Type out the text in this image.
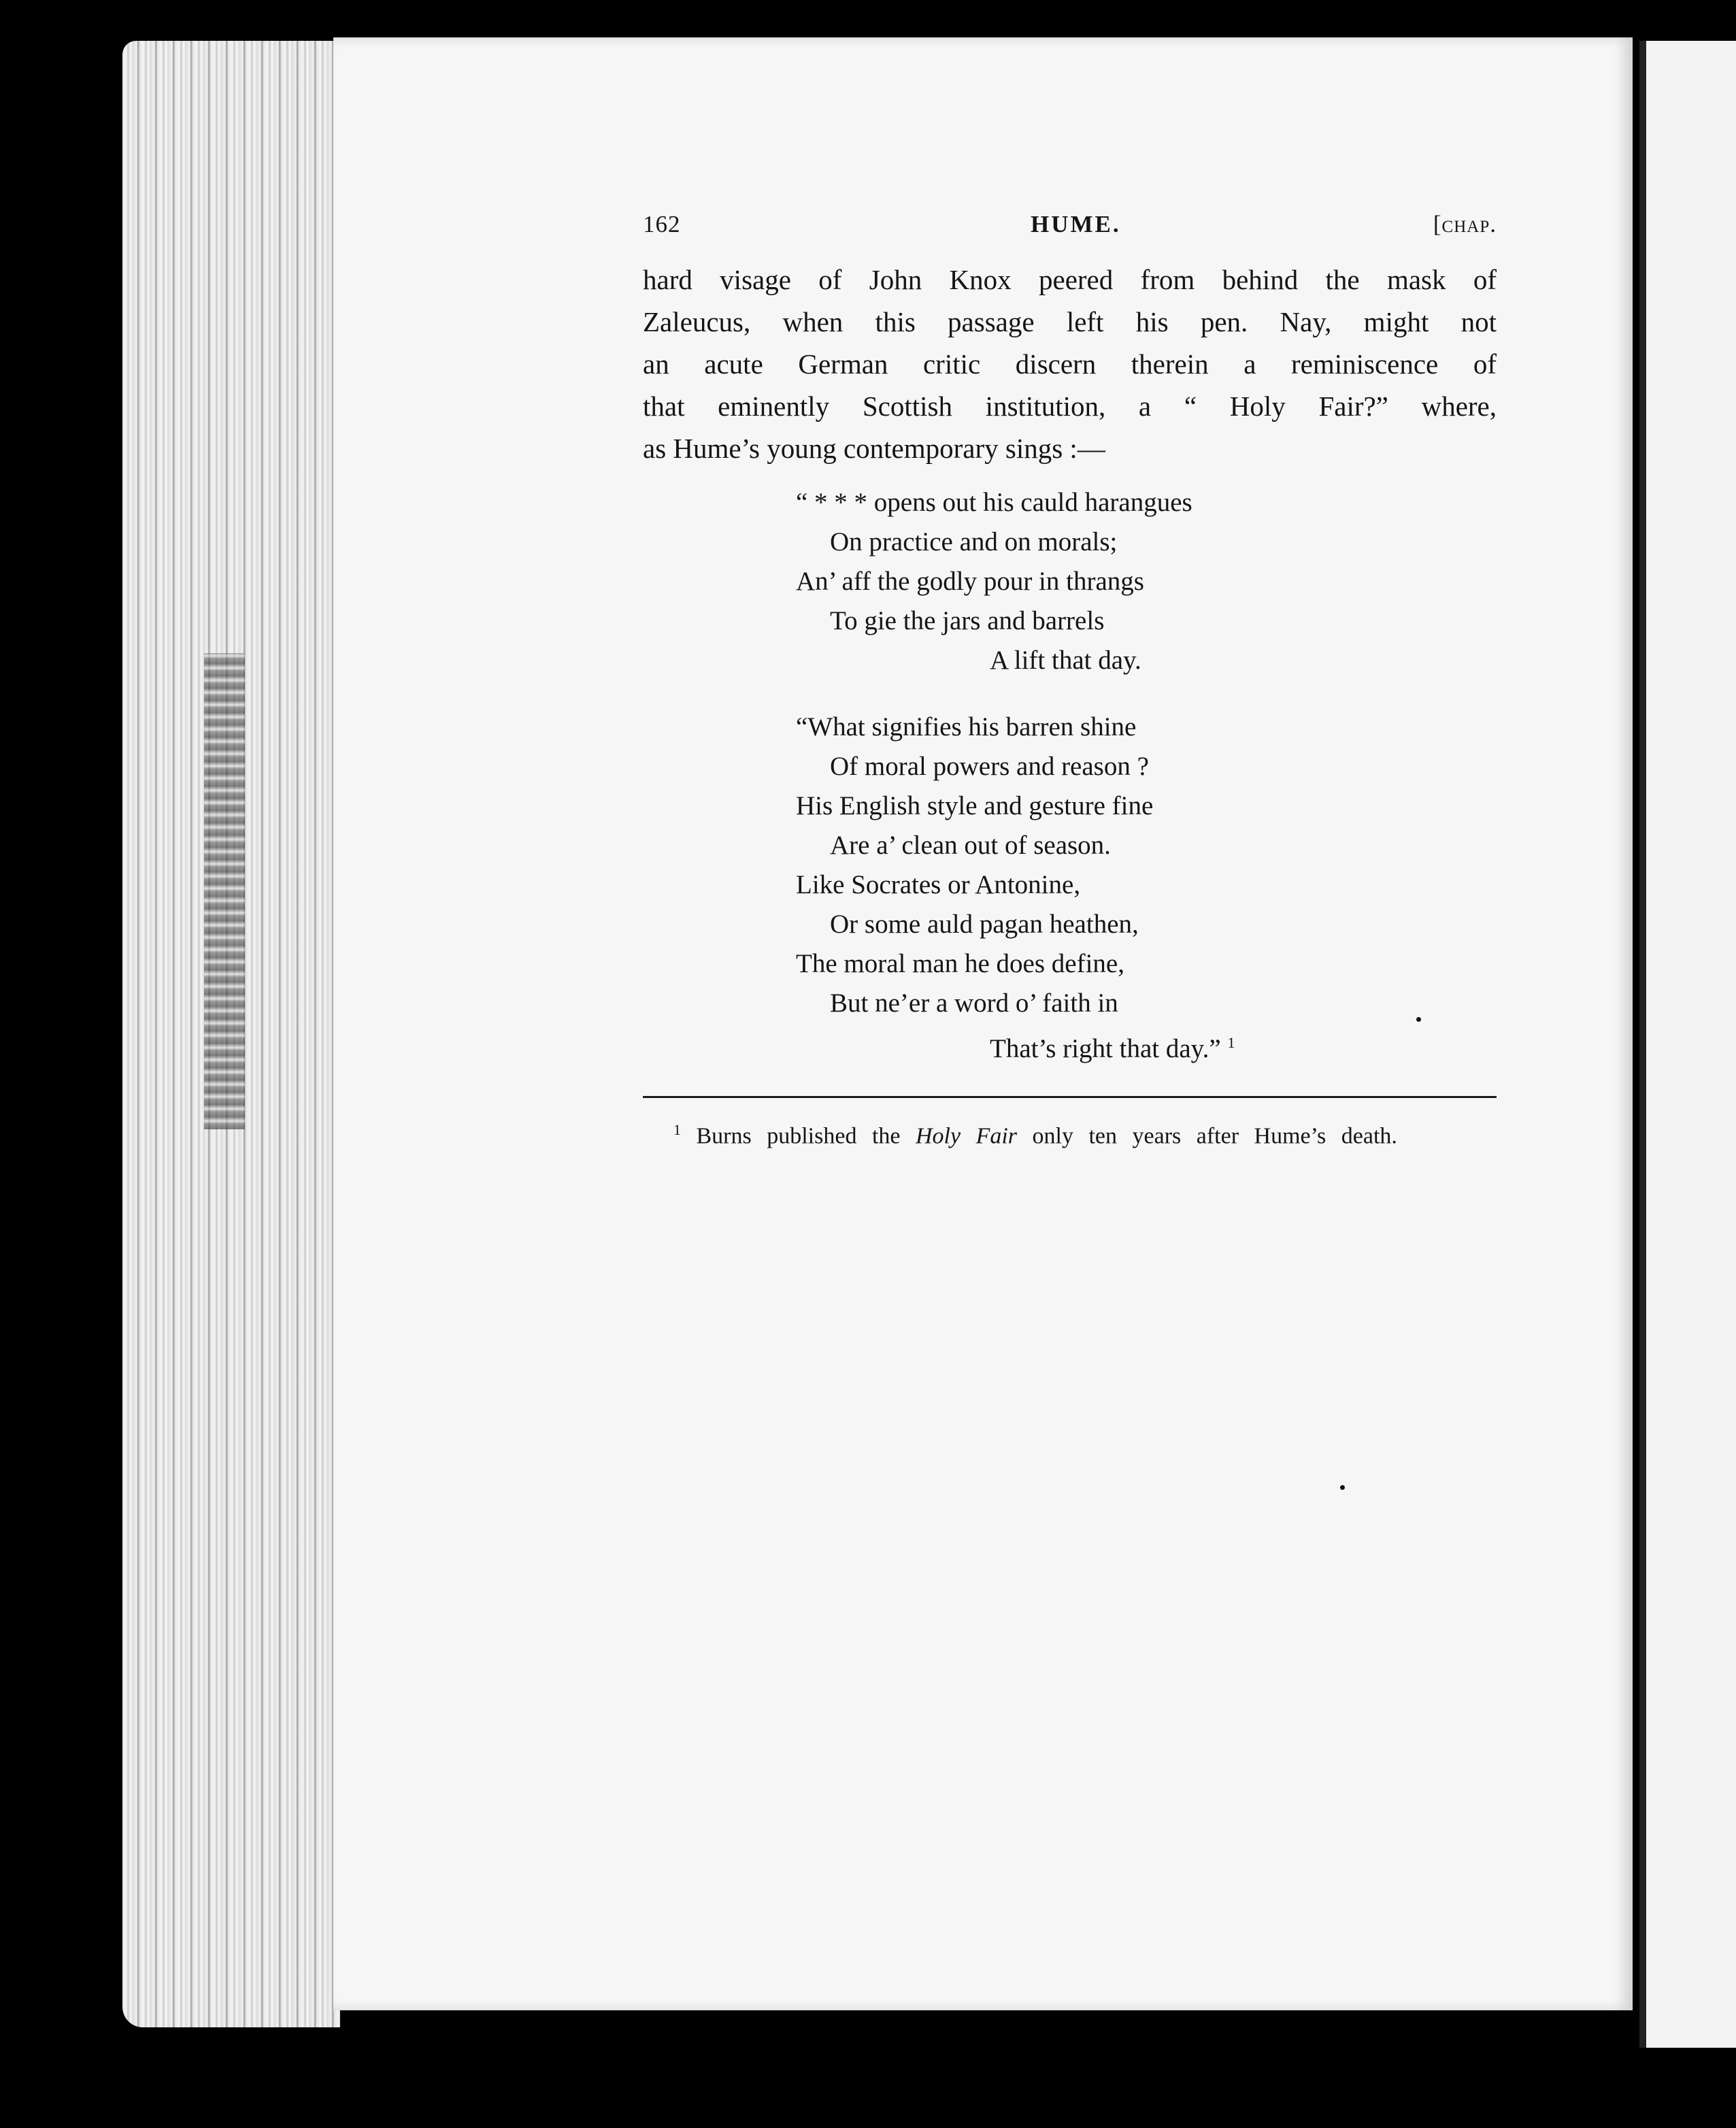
162	HUME.	[chap.

hard visage of John Knox peered from behind the mask of
Zaleucus, when this passage left his pen. Nay, might not
an acute German critic discern therein a reminiscence of
that eminently Scottish institution, a “ Holy Fair?” where,
as Hume’s young contemporary sings :—

“ * * * opens out his cauld harangues
On practice and on morals;
An’ aff the godly pour in thrangs
To gie the jars and barrels
A lift that day.
“What signifies his barren shine
Of moral powers and reason ?
His English style and gesture fine
Are a’ clean out of season.
Like Socrates or Antonine,
Or some auld pagan heathen,
The moral man he does define,
But ne’er a word o’ faith in
That’s right that day.” $^1$

$^1$ Burns published the Holy Fair only ten years after Hume’s death.
